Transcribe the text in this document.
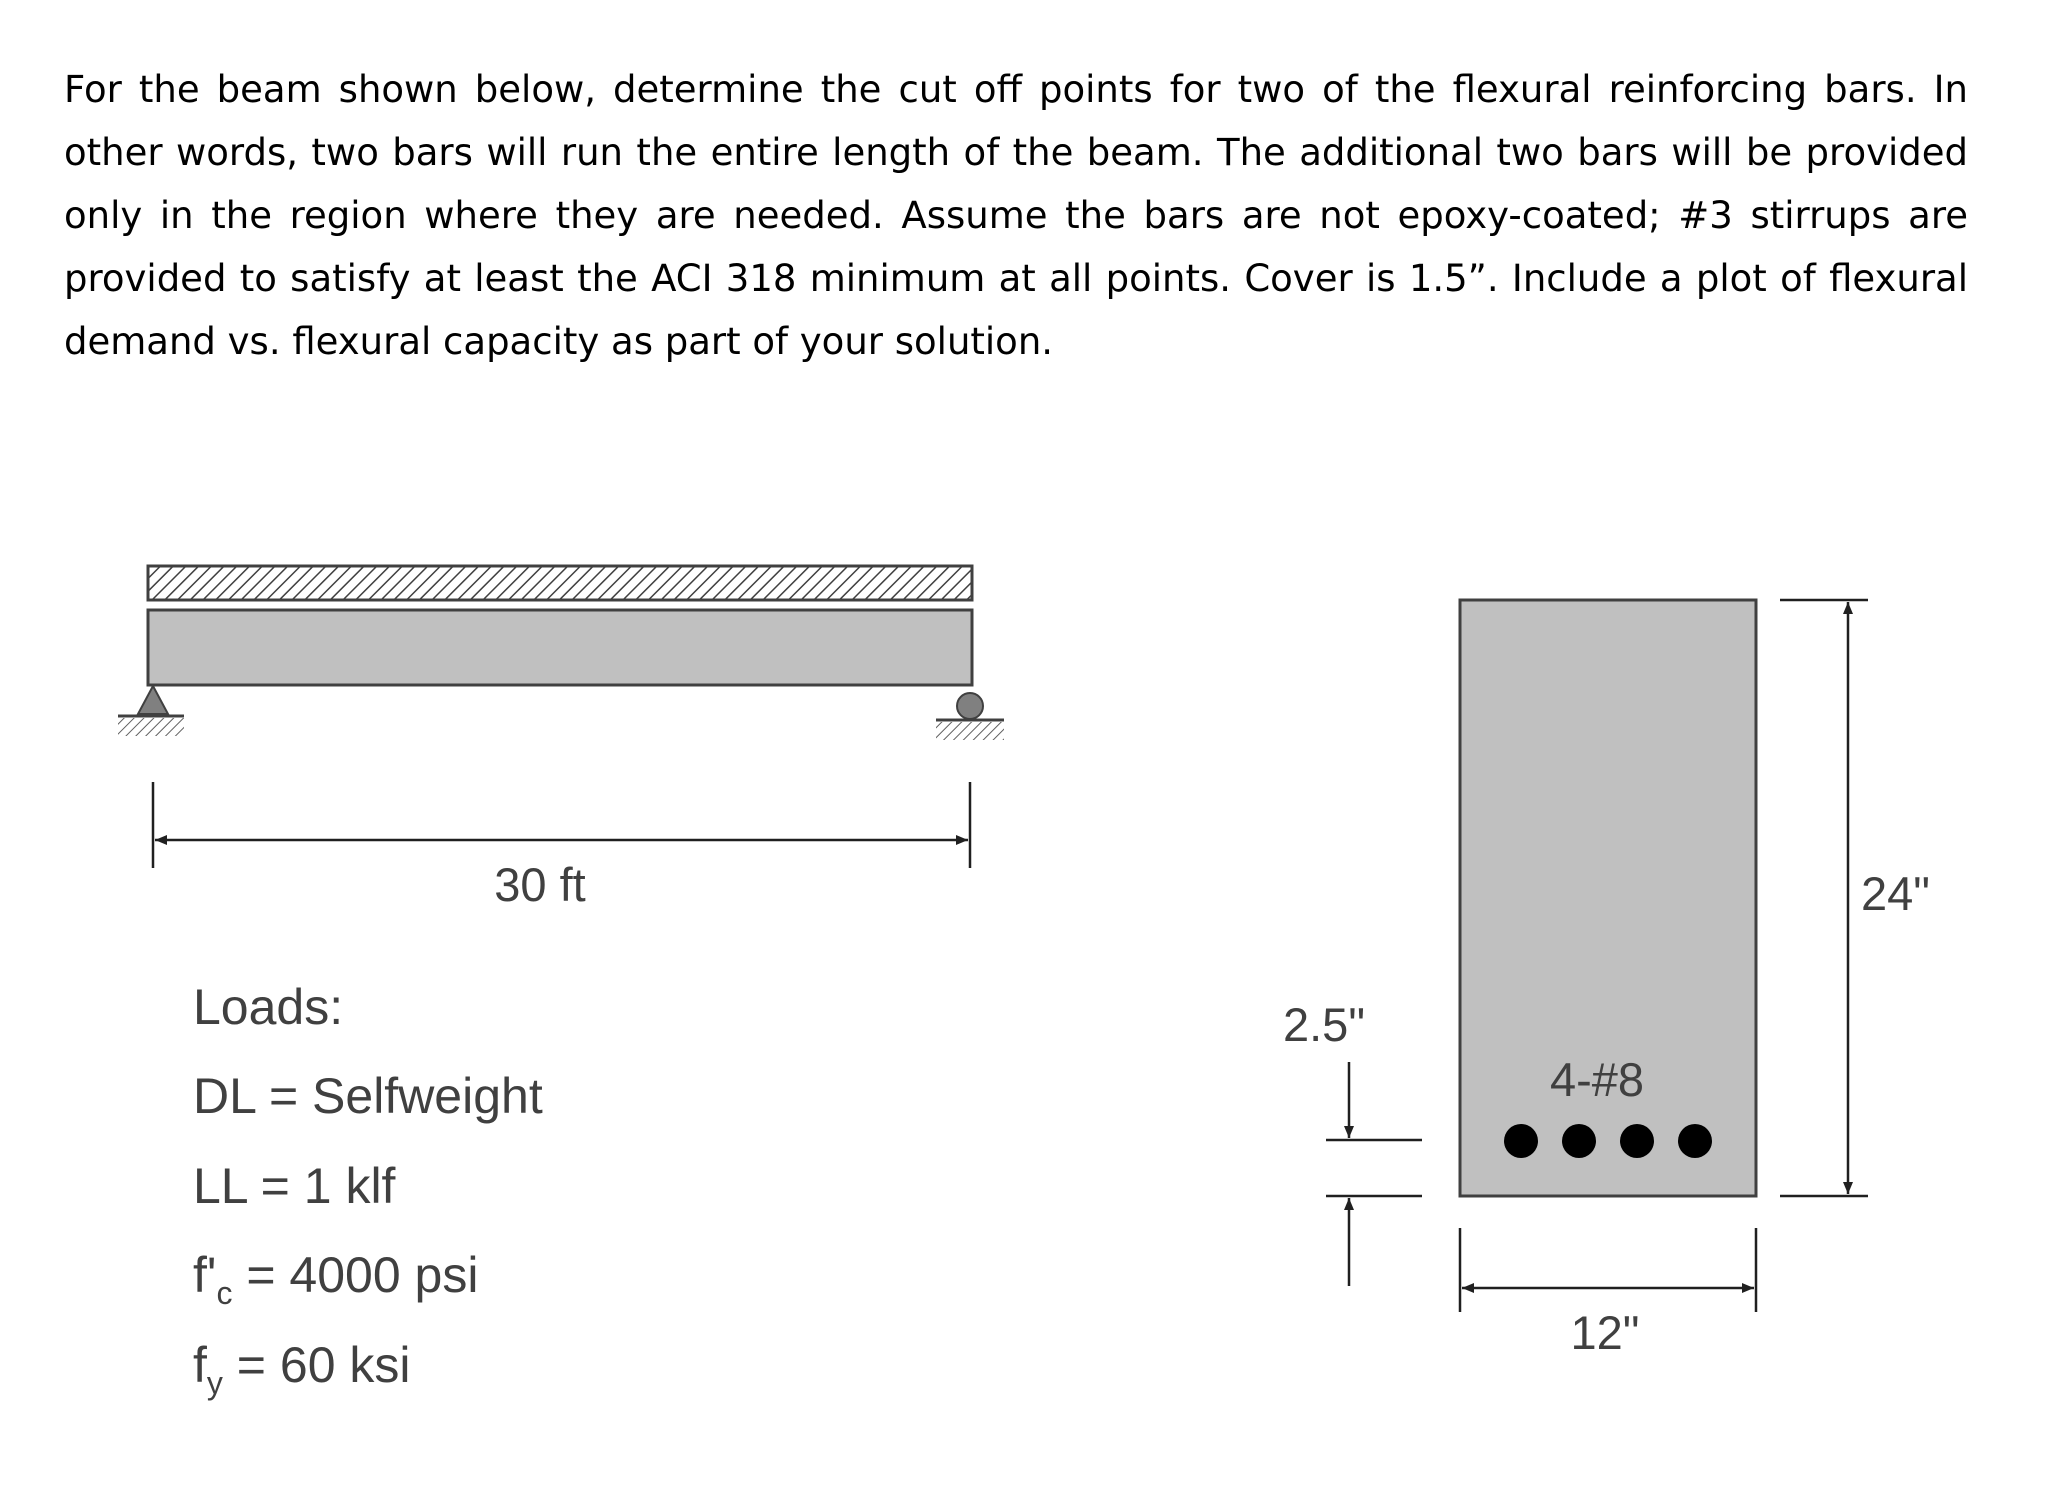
For the beam shown below, determine the cut off points for two of the flexural reinforcing bars. In
other words, two bars will run the entire length of the beam. The additional two bars will be provided
only in the region where they are needed. Assume the bars are not epoxy-coated; #3 stirrups are
provided to satisfy at least the ACI 318 minimum at all points. Cover is 1.5”. Include a plot of flexural
demand vs. flexural capacity as part of your solution.
30 ft
Loads:
DL = Selfweight
LL = 1 klf
$f'_c = 4000$ psi
$f_y = 60$ ksi
4-#8
24"
12"
2.5"
